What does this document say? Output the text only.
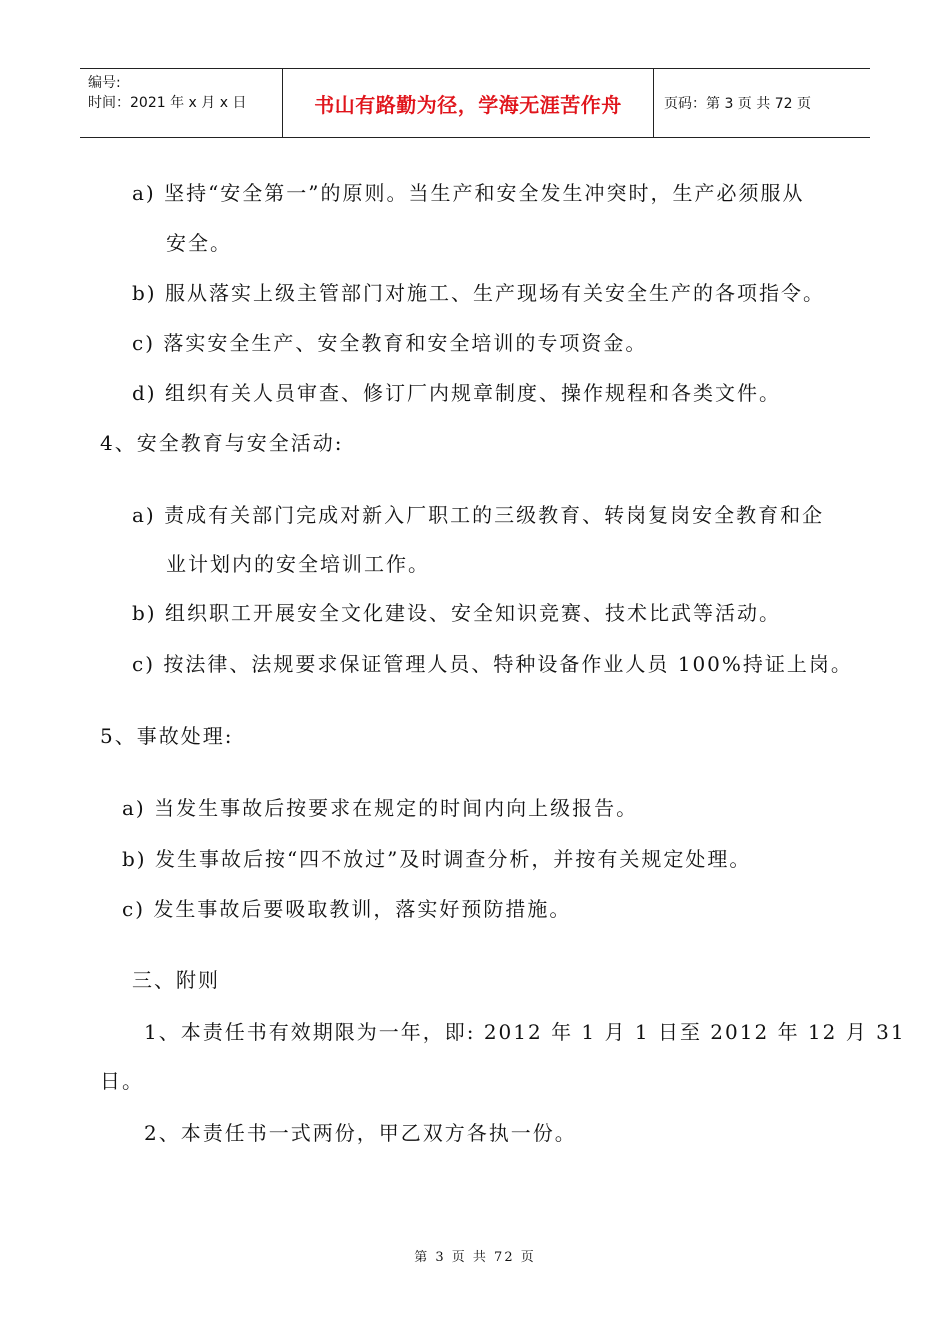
编号:
时间：2021 年 x 月 x 日	书山有路勤为径，学海无涯苦作舟	页码：第 3 页 共 72 页
a) 坚持“安全第一”的原则。当生产和安全发生冲突时，生产必须服从
安全。
b) 服从落实上级主管部门对施工、生产现场有关安全生产的各项指令。
c) 落实安全生产、安全教育和安全培训的专项资金。
d) 组织有关人员审查、修订厂内规章制度、操作规程和各类文件。
4、安全教育与安全活动:
a) 责成有关部门完成对新入厂职工的三级教育、转岗复岗安全教育和企
业计划内的安全培训工作。
b) 组织职工开展安全文化建设、安全知识竞赛、技术比武等活动。
c) 按法律、法规要求保证管理人员、特种设备作业人员 100%持证上岗。
5、事故处理:
a) 当发生事故后按要求在规定的时间内向上级报告。
b) 发生事故后按“四不放过”及时调查分析，并按有关规定处理。
c) 发生事故后要吸取教训，落实好预防措施。
三、附则
1、本责任书有效期限为一年，即: 2012 年 1 月 1 日至 2012 年 12 月 31
日。
2、本责任书一式两份，甲乙双方各执一份。
第 3 页 共 72 页
